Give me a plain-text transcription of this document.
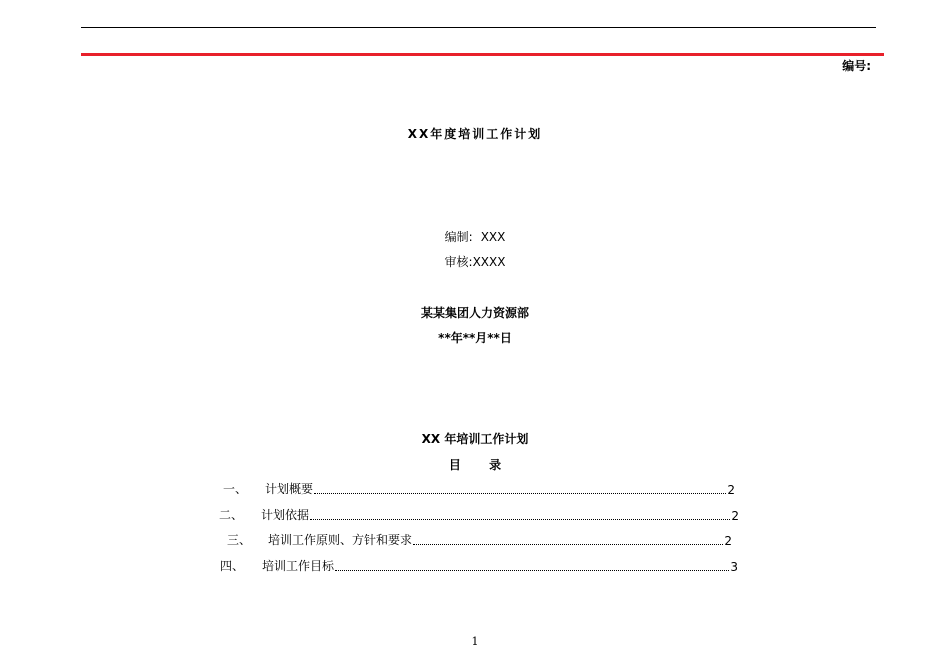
编号:
XX年度培训工作计划
编制: XXX
审核:XXXX
某某集团人力资源部
**年**月**日
XX 年培训工作计划
目 录
一、	计划概要	2
二、	计划依据	2
三、	培训工作原则、方针和要求	2
四、	培训工作目标	3
1
